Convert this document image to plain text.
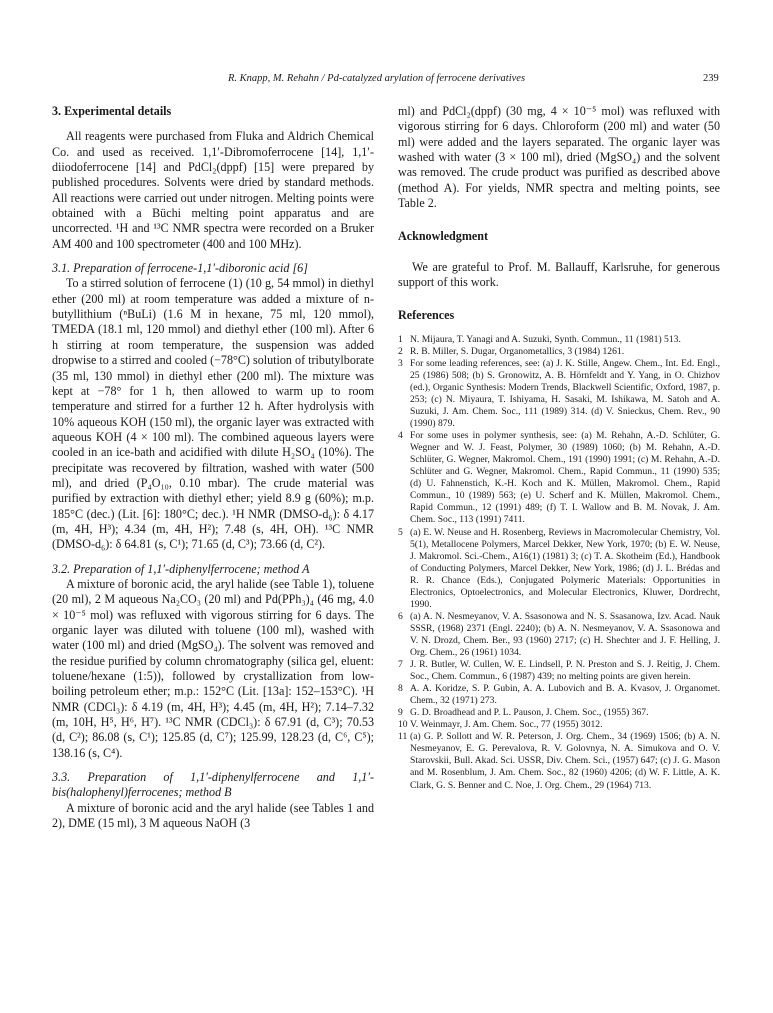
R. Knapp, M. Rehahn / Pd-catalyzed arylation of ferrocene derivatives	239
3. Experimental details

All reagents were purchased from Fluka and Aldrich Chemical Co. and used as received. 1,1′-Dibromoferrocene [14], 1,1′-diiodoferrocene [14] and PdCl₂(dppf) [15] were prepared by published procedures. Solvents were dried by standard methods. All reactions were carried out under nitrogen. Melting points were obtained with a Büchi melting point apparatus and are uncorrected. ¹H and ¹³C NMR spectra were recorded on a Bruker AM 400 and 100 spectrometer (400 and 100 MHz).

3.1. Preparation of ferrocene-1,1′-diboronic acid [6]

To a stirred solution of ferrocene (1) (10 g, 54 mmol) in diethyl ether (200 ml) at room temperature was added a mixture of n-butyllithium (ⁿBuLi) (1.6 M in hexane, 75 ml, 120 mmol), TMEDA (18.1 ml, 120 mmol) and diethyl ether (100 ml). After 6 h stirring at room temperature, the suspension was added dropwise to a stirred and cooled (−78°C) solution of tributylborate (35 ml, 130 mmol) in diethyl ether (200 ml). The mixture was kept at −78° for 1 h, then allowed to warm up to room temperature and stirred for a further 12 h. After hydrolysis with 10% aqueous KOH (150 ml), the organic layer was extracted with aqueous KOH (4 × 100 ml). The combined aqueous layers were cooled in an ice-bath and acidified with dilute H₂SO₄ (10%). The precipitate was recovered by filtration, washed with water (500 ml), and dried (P₄O₁₀, 0.10 mbar). The crude material was purified by extraction with diethyl ether; yield 8.9 g (60%); m.p. 185°C (dec.) (Lit. [6]: 180°C; dec.). ¹H NMR (DMSO-d₆): δ 4.17 (m, 4H, H³); 4.34 (m, 4H, H²); 7.48 (s, 4H, OH). ¹³C NMR (DMSO-d₆): δ 64.81 (s, C¹); 71.65 (d, C³); 73.66 (d, C²).

3.2. Preparation of 1,1′-diphenylferrocene; method A

A mixture of boronic acid, the aryl halide (see Table 1), toluene (20 ml), 2 M aqueous Na₂CO₃ (20 ml) and Pd(PPh₃)₄ (46 mg, 4.0 × 10⁻⁵ mol) was refluxed with vigorous stirring for 6 days. The organic layer was diluted with toluene (100 ml), washed with water (100 ml) and dried (MgSO₄). The solvent was removed and the residue purified by column chromatography (silica gel, eluent: toluene/hexane (1:5)), followed by crystallization from low-boiling petroleum ether; m.p.: 152°C (Lit. [13a]: 152–153°C). ¹H NMR (CDCl₃): δ 4.19 (m, 4H, H³); 4.45 (m, 4H, H²); 7.14–7.32 (m, 10H, H⁵, H⁶, H⁷). ¹³C NMR (CDCl₃): δ 67.91 (d, C³); 70.53 (d, C²); 86.08 (s, C¹); 125.85 (d, C⁷); 125.99, 128.23 (d, C⁶, C⁵); 138.16 (s, C⁴).

3.3. Preparation of 1,1′-diphenylferrocene and 1,1′-bis(halophenyl)ferrocenes; method B

A mixture of boronic acid and the aryl halide (see Tables 1 and 2), DME (15 ml), 3 M aqueous NaOH (3

ml) and PdCl₂(dppf) (30 mg, 4 × 10⁻⁵ mol) was refluxed with vigorous stirring for 6 days. Chloroform (200 ml) and water (50 ml) were added and the layers separated. The organic layer was washed with water (3 × 100 ml), dried (MgSO₄) and the solvent was removed. The crude product was purified as described above (method A). For yields, NMR spectra and melting points, see Table 2.

Acknowledgment

We are grateful to Prof. M. Ballauff, Karlsruhe, for generous support of this work.

References
1 N. Mijaura, T. Yanagi and A. Suzuki, Synth. Commun., 11 (1981) 513.
2 R. B. Miller, S. Dugar, Organometallics, 3 (1984) 1261.
3 For some leading references, see: (a) J. K. Stille, Angew. Chem., Int. Ed. Engl., 25 (1986) 508; (b) S. Gronowitz, A. B. Hörnfeldt and Y. Yang, in O. Chizhov (ed.), Organic Synthesis: Modern Trends, Blackwell Scientific, Oxford, 1987, p. 253; (c) N. Miyaura, T. Ishiyama, H. Sasaki, M. Ishikawa, M. Satoh and A. Suzuki, J. Am. Chem. Soc., 111 (1989) 314. (d) V. Snieckus, Chem. Rev., 90 (1990) 879.
4 For some uses in polymer synthesis, see: (a) M. Rehahn, A.-D. Schlüter, G. Wegner and W. J. Feast, Polymer, 30 (1989) 1060; (b) M. Rehahn, A.-D. Schlüter, G. Wegner, Makromol. Chem., 191 (1990) 1991; (c) M. Rehahn, A.-D. Schlüter and G. Wegner, Makromol. Chem., Rapid Commun., 11 (1990) 535; (d) U. Fahnenstich, K.-H. Koch and K. Müllen, Makromol. Chem., Rapid Commun., 10 (1989) 563; (e) U. Scherf and K. Müllen, Makromol. Chem., Rapid Commun., 12 (1991) 489; (f) T. I. Wallow and B. M. Novak, J. Am. Chem. Soc., 113 (1991) 7411.
5 (a) E. W. Neuse and H. Rosenberg, Reviews in Macromolecular Chemistry, Vol. 5(1), Metallocene Polymers, Marcel Dekker, New York, 1970; (b) E. W. Neuse, J. Makromol. Sci.-Chem., A16(1) (1981) 3; (c) T. A. Skotheim (Ed.), Handbook of Conducting Polymers, Marcel Dekker, New York, 1986; (d) J. L. Brédas and R. R. Chance (Eds.), Conjugated Polymeric Materials: Opportunities in Electronics, Optoelectronics, and Molecular Electronics, Kluwer, Dordrecht, 1990.
6 (a) A. N. Nesmeyanov, V. A. Ssasonowa and N. S. Ssasanowa, Izv. Acad. Nauk SSSR, (1968) 2371 (Engl. 2240); (b) A. N. Nesmeyanov, V. A. Ssasonowa and V. N. Drozd, Chem. Ber., 93 (1960) 2717; (c) H. Shechter and J. F. Helling, J. Org. Chem., 26 (1961) 1034.
7 J. R. Butler, W. Cullen, W. E. Lindsell, P. N. Preston and S. J. Reitig, J. Chem. Soc., Chem. Commun., 6 (1987) 439; no melting points are given herein.
8 A. A. Koridze, S. P. Gubin, A. A. Lubovich and B. A. Kvasov, J. Organomet. Chem., 32 (1971) 273.
9 G. D. Broadhead and P. L. Pauson, J. Chem. Soc., (1955) 367.
10 V. Weinmayr, J. Am. Chem. Soc., 77 (1955) 3012.
11 (a) G. P. Sollott and W. R. Peterson, J. Org. Chem., 34 (1969) 1506; (b) A. N. Nesmeyanov, E. G. Perevalova, R. V. Golovnya, N. A. Simukova and O. V. Starovskii, Bull. Akad. Sci. USSR, Div. Chem. Sci., (1957) 647; (c) J. G. Mason and M. Rosenblum, J. Am. Chem. Soc., 82 (1960) 4206; (d) W. F. Little, A. K. Clark, G. S. Benner and C. Noe, J. Org. Chem., 29 (1964) 713.
